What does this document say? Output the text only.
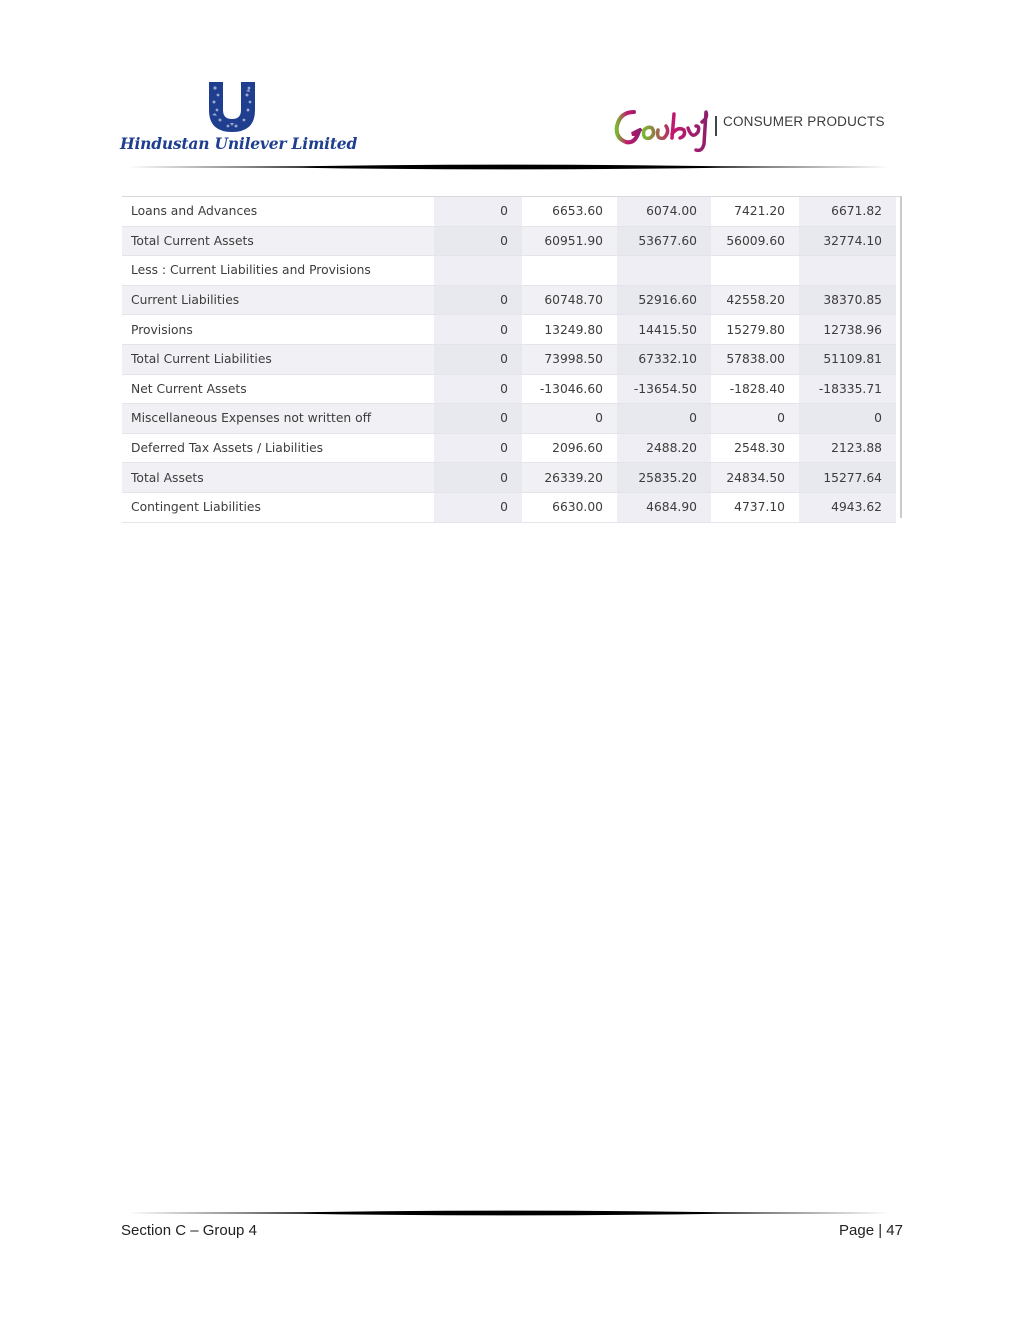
Hindustan Unilever Limited
CONSUMER PRODUCTS
Loans and Advances	0	6653.60	6074.00	7421.20	6671.82
Total Current Assets	0	60951.90	53677.60	56009.60	32774.10
Less : Current Liabilities and Provisions					
Current Liabilities	0	60748.70	52916.60	42558.20	38370.85
Provisions	0	13249.80	14415.50	15279.80	12738.96
Total Current Liabilities	0	73998.50	67332.10	57838.00	51109.81
Net Current Assets	0	-13046.60	-13654.50	-1828.40	-18335.71
Miscellaneous Expenses not written off	0	0	0	0	0
Deferred Tax Assets / Liabilities	0	2096.60	2488.20	2548.30	2123.88
Total Assets	0	26339.20	25835.20	24834.50	15277.64
Contingent Liabilities	0	6630.00	4684.90	4737.10	4943.62
Section C – Group 4	Page | 47
